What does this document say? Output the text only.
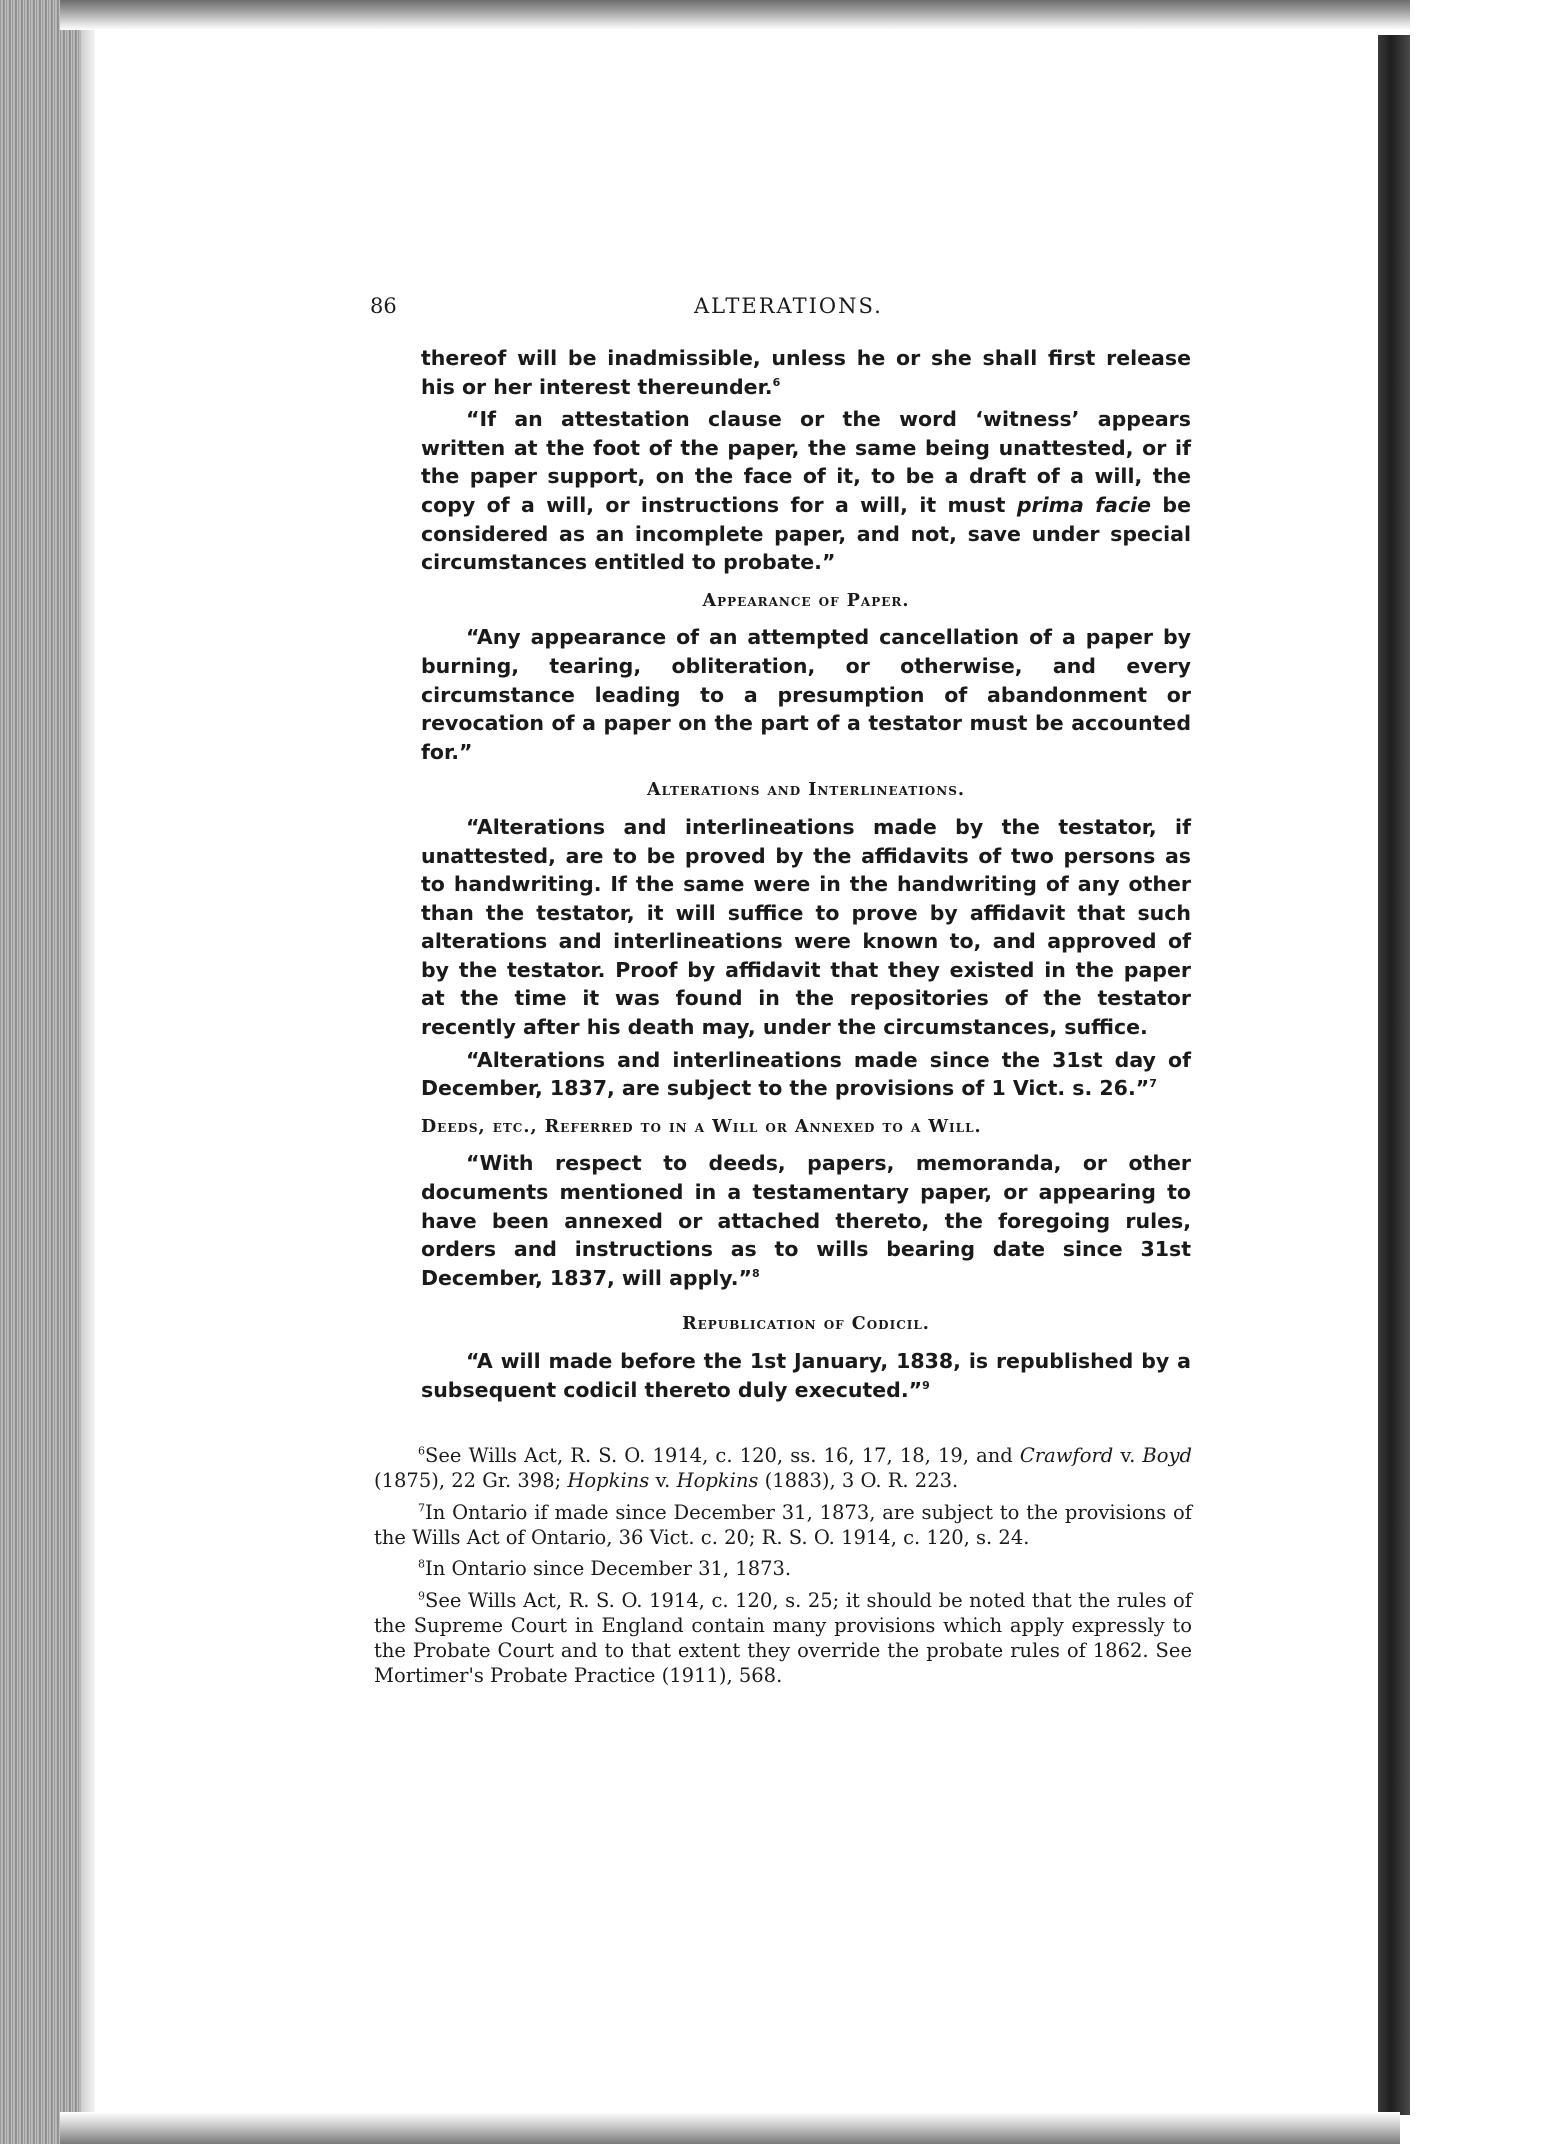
86	ALTERATIONS.

thereof will be inadmissible, unless he or she shall first release his or her interest thereunder.$^6$

“If an attestation clause or the word ‘witness’ appears written at the foot of the paper, the same being unattested, or if the paper support, on the face of it, to be a draft of a will, the copy of a will, or instructions for a will, it must prima facie be considered as an incomplete paper, and not, save under special circumstances entitled to probate.”

Appearance of Paper.

“Any appearance of an attempted cancellation of a paper by burning, tearing, obliteration, or otherwise, and every circumstance leading to a presumption of abandonment or revocation of a paper on the part of a testator must be accounted for.”

Alterations and Interlineations.

“Alterations and interlineations made by the testator, if unattested, are to be proved by the affidavits of two persons as to handwriting. If the same were in the handwriting of any other than the testator, it will suffice to prove by affidavit that such alterations and interlineations were known to, and approved of by the testator. Proof by affidavit that they existed in the paper at the time it was found in the repositories of the testator recently after his death may, under the circumstances, suffice.

“Alterations and interlineations made since the 31st day of December, 1837, are subject to the provisions of 1 Vict. s. 26.”$^7$

Deeds, etc., Referred to in a Will or Annexed to a Will.

“With respect to deeds, papers, memoranda, or other documents mentioned in a testamentary paper, or appearing to have been annexed or attached thereto, the foregoing rules, orders and instructions as to wills bearing date since 31st December, 1837, will apply.”$^8$

Republication of Codicil.

“A will made before the 1st January, 1838, is republished by a subsequent codicil thereto duly executed.”$^9$

$^6$See Wills Act, R. S. O. 1914, c. 120, ss. 16, 17, 18, 19, and Crawford v. Boyd (1875), 22 Gr. 398; Hopkins v. Hopkins (1883), 3 O. R. 223.

$^7$In Ontario if made since December 31, 1873, are subject to the provisions of the Wills Act of Ontario, 36 Vict. c. 20; R. S. O. 1914, c. 120, s. 24.

$^8$In Ontario since December 31, 1873.

$^9$See Wills Act, R. S. O. 1914, c. 120, s. 25; it should be noted that the rules of the Supreme Court in England contain many provisions which apply expressly to the Probate Court and to that extent they override the probate rules of 1862. See Mortimer's Probate Practice (1911), 568.
